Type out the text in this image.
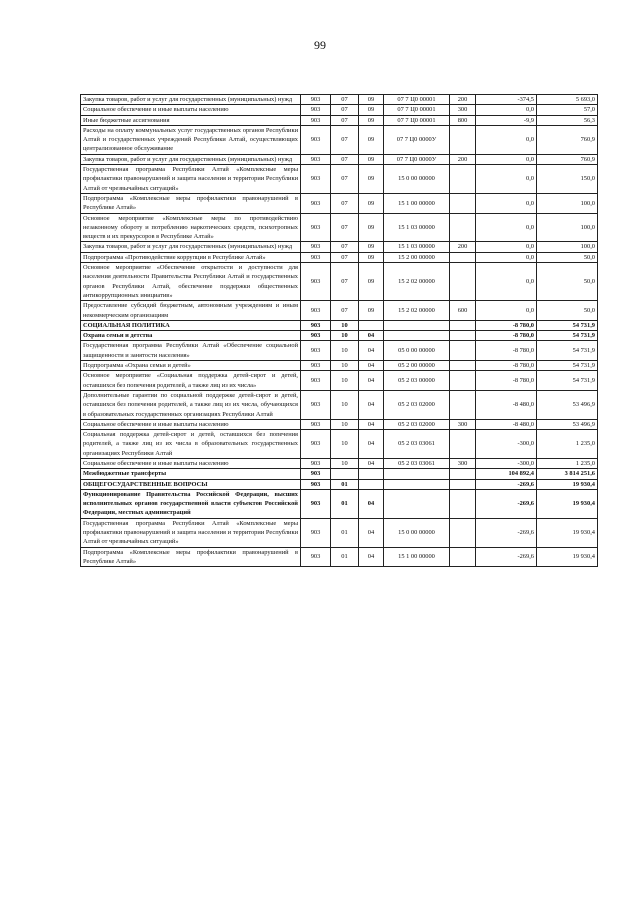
99
Закупка товаров, работ и услуг для государственных (муниципальных) нужд	903	07	09	07 7 Ц0 00001	200	-374,5	5 693,0
Социальное обеспечение и иные выплаты населению	903	07	09	07 7 Ц0 00001	300	0,0	57,0
Иные бюджетные ассигнования	903	07	09	07 7 Ц0 00001	800	-9,9	56,3
Расходы на оплату коммунальных услуг государственных органов Республики Алтай и государственных учреждений Республики Алтай, осуществляющих централизованное обслуживание	903	07	09	07 7 Ц0 0000У		0,0	760,9
Закупка товаров, работ и услуг для государственных (муниципальных) нужд	903	07	09	07 7 Ц0 0000У	200	0,0	760,9
Государственная программа Республики Алтай «Комплексные меры профилактики правонарушений и защита населения и территории Республики Алтай от чрезвычайных ситуаций»	903	07	09	15 0 00 00000		0,0	150,0
Подпрограмма «Комплексные меры профилактики правонарушений в Республике Алтай»	903	07	09	15 1 00 00000		0,0	100,0
Основное мероприятие «Комплексные меры по противодействию незаконному обороту и потреблению наркотических средств, психотропных веществ и их прекурсоров в Республике Алтай»	903	07	09	15 1 03 00000		0,0	100,0
Закупка товаров, работ и услуг для государственных (муниципальных) нужд	903	07	09	15 1 03 00000	200	0,0	100,0
Подпрограмма «Противодействие коррупции в Республике Алтай»	903	07	09	15 2 00 00000		0,0	50,0
Основное мероприятие «Обеспечение открытости и доступности для населения деятельности Правительства Республики Алтай и государственных органов Республики Алтай, обеспечение поддержки общественных антикоррупционных инициатив»	903	07	09	15 2 02 00000		0,0	50,0
Предоставление субсидий бюджетным, автономным учреждениям и иным некоммерческим организациям	903	07	09	15 2 02 00000	600	0,0	50,0
СОЦИАЛЬНАЯ ПОЛИТИКА	903	10				-8 780,0	54 731,9
Охрана семьи и детства	903	10	04			-8 780,0	54 731,9
Государственная программа Республики Алтай «Обеспечение социальной защищенности и занятости населения»	903	10	04	05 0 00 00000		-8 780,0	54 731,9
Подпрограмма «Охрана семьи и детей»	903	10	04	05 2 00 00000		-8 780,0	54 731,9
Основное мероприятие «Социальная поддержка детей-сирот и детей, оставшихся без попечения родителей, а также лиц из их числа»	903	10	04	05 2 03 00000		-8 780,0	54 731,9
Дополнительные гарантии по социальной поддержке детей-сирот и детей, оставшихся без попечения родителей, а также лиц из их числа, обучающихся в образовательных государственных организациях Республики Алтай	903	10	04	05 2 03 02000		-8 480,0	53 496,9
Социальное обеспечение и иные выплаты населению	903	10	04	05 2 03 02000	300	-8 480,0	53 496,9
Социальная поддержка детей-сирот и детей, оставшихся без попечения родителей, а также лиц из их числа в образовательных государственных организациях Республики Алтай	903	10	04	05 2 03 03061		-300,0	1 235,0
Социальное обеспечение и иные выплаты населению	903	10	04	05 2 03 03061	300	-300,0	1 235,0
Межбюджетные трансферты	903					104 892,4	3 814 251,6
ОБЩЕГОСУДАРСТВЕННЫЕ ВОПРОСЫ	903	01				-269,6	19 930,4
Функционирование Правительства Российской Федерации, высших исполнительных органов государственной власти субъектов Российской Федерации, местных администраций	903	01	04			-269,6	19 930,4
Государственная программа Республики Алтай «Комплексные меры профилактики правонарушений и защита населения и территории Республики Алтай от чрезвычайных ситуаций»	903	01	04	15 0 00 00000		-269,6	19 930,4
Подпрограмма «Комплексные меры профилактики правонарушений в Республике Алтай»	903	01	04	15 1 00 00000		-269,6	19 930,4
